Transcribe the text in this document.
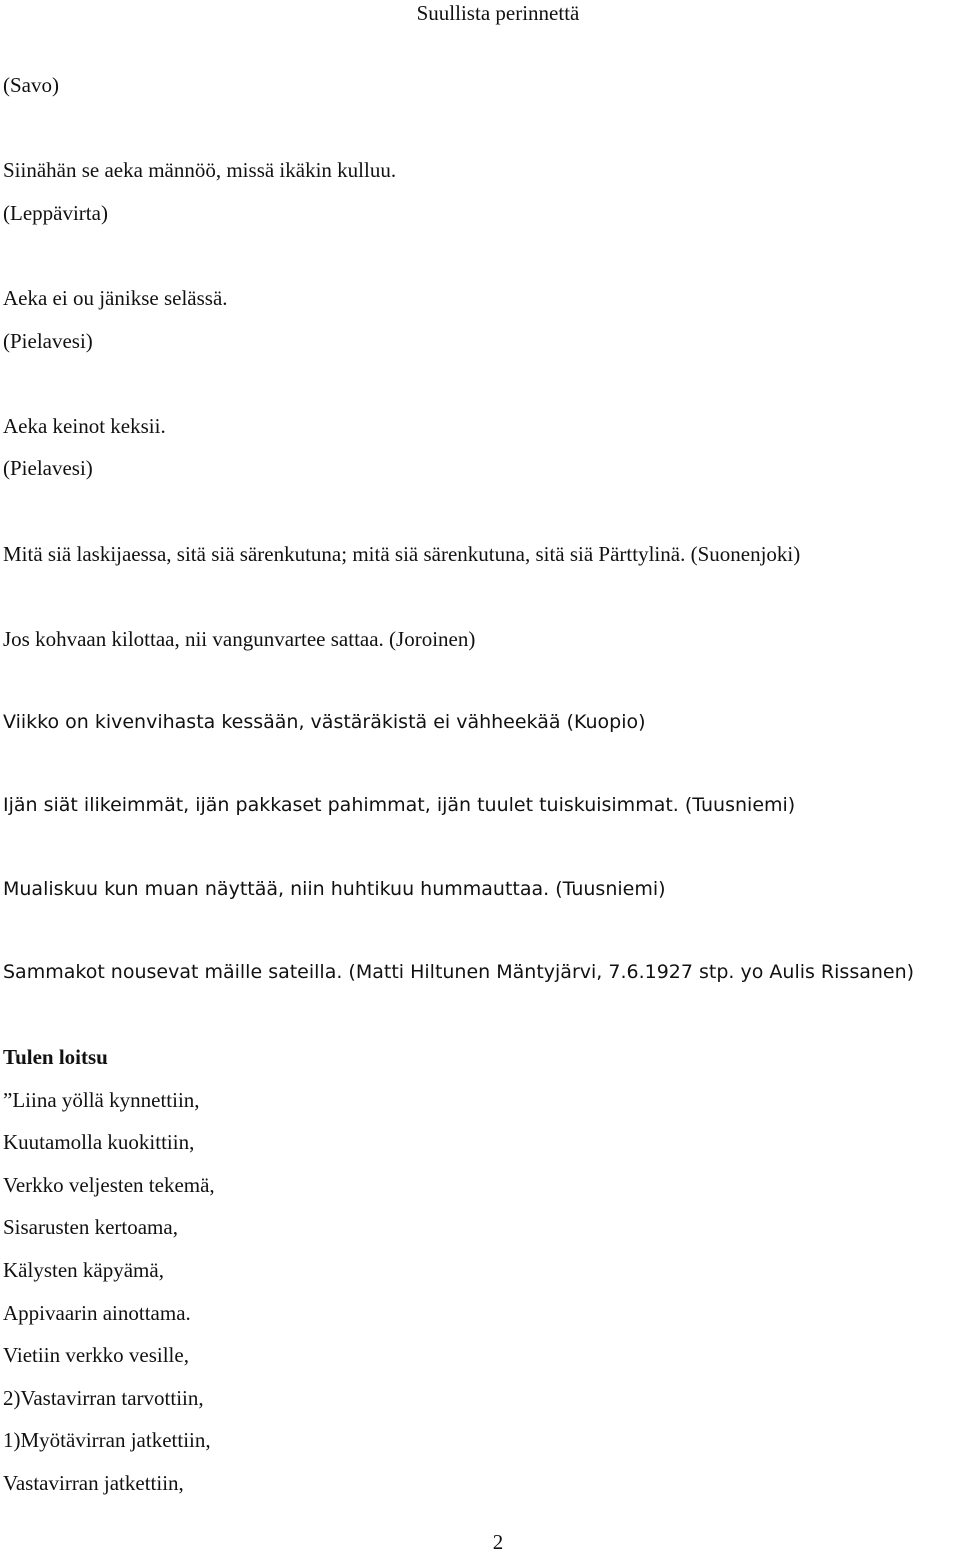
Suullista perinnettä

(Savo)

Siinähän se aeka männöö, missä ikäkin kulluu.

(Leppävirta)

Aeka ei ou jänikse selässä.

(Pielavesi)

Aeka keinot keksii.

(Pielavesi)

Mitä siä laskijaessa, sitä siä särenkutuna; mitä siä särenkutuna, sitä siä Pärttylinä. (Suonenjoki)

Jos kohvaan kilottaa, nii vangunvartee sattaa. (Joroinen)

Viikko on kivenvihasta kessään, västäräkistä ei vähheekää (Kuopio)

Ijän siät ilikeimmät, ijän pakkaset pahimmat, ijän tuulet tuiskuisimmat. (Tuusniemi)

Mualiskuu kun muan näyttää, niin huhtikuu hummauttaa. (Tuusniemi)

Sammakot nousevat mäille sateilla. (Matti Hiltunen Mäntyjärvi, 7.6.1927 stp. yo Aulis Rissanen)

Tulen loitsu

”Liina yöllä kynnettiin,

Kuutamolla kuokittiin,

Verkko veljesten tekemä,

Sisarusten kertoama,

Kälysten käpyämä,

Appivaarin ainottama.

Vietiin verkko vesille,

2)Vastavirran tarvottiin,

1)Myötävirran jatkettiin,

Vastavirran jatkettiin,

2
